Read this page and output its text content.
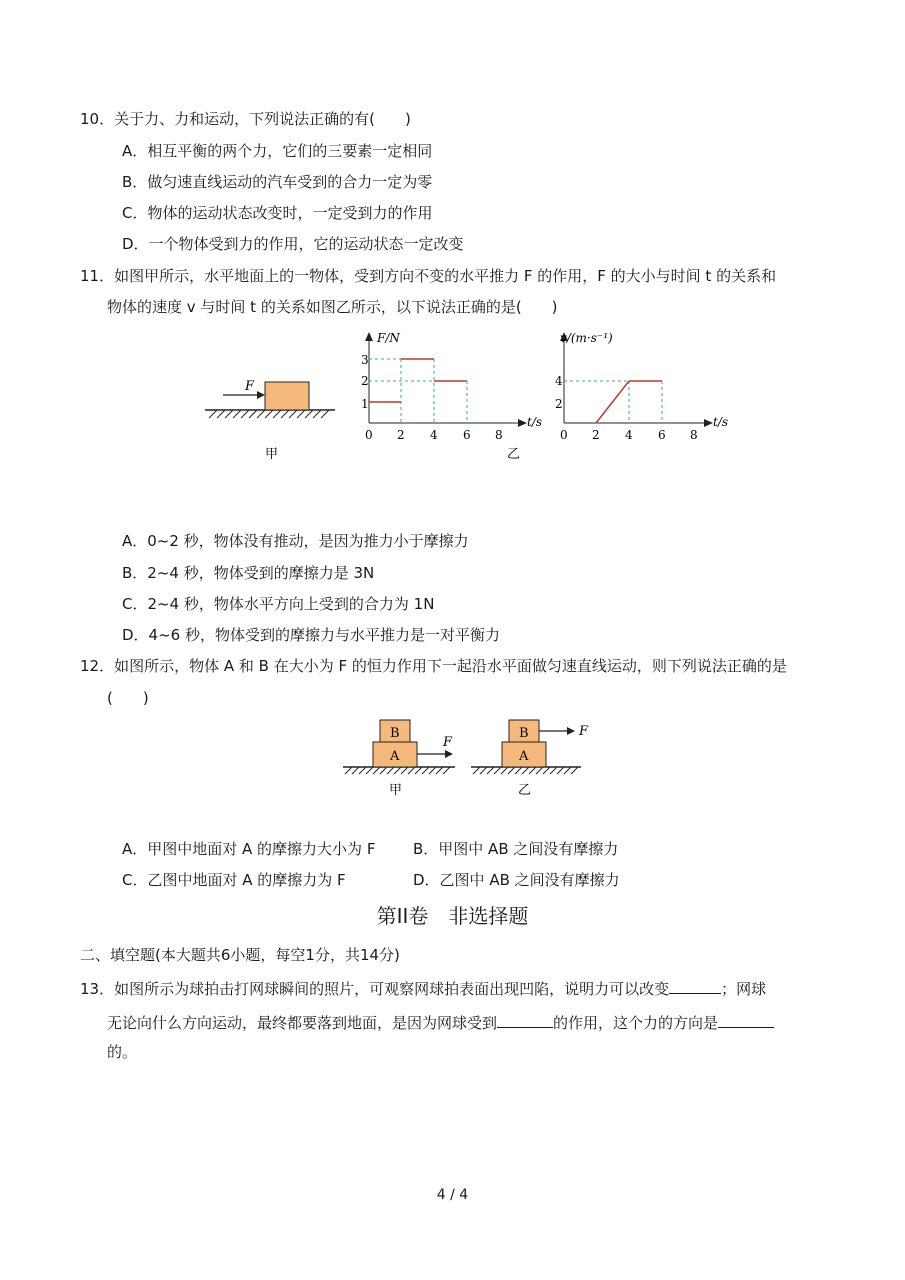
10．关于力、力和运动，下列说法正确的有(　　)
A．相互平衡的两个力，它们的三要素一定相同
B．做匀速直线运动的汽车受到的合力一定为零
C．物体的运动状态改变时，一定受到力的作用
D．一个物体受到力的作用，它的运动状态一定改变
11．如图甲所示，水平地面上的一物体，受到方向不变的水平推力 F 的作用，F 的大小与时间 t 的关系和
物体的速度 v 与时间 t 的关系如图乙所示，以下说法正确的是(　　)
F
甲
F/N
t/s
3
2
1
0 2 4 6 8
v/(m·s⁻¹)
t/s
4
2
0 2 4 6 8
乙
A．0~2 秒，物体没有推动，是因为推力小于摩擦力
B．2~4 秒，物体受到的摩擦力是 3N
C．2~4 秒，物体水平方向上受到的合力为 1N
D．4~6 秒，物体受到的摩擦力与水平推力是一对平衡力
12．如图所示，物体 A 和 B 在大小为 F 的恒力作用下一起沿水平面做匀速直线运动，则下列说法正确的是
(　　)
A
B
F
甲
A
B	F
乙
A．甲图中地面对 A 的摩擦力大小为 F	B．甲图中 AB 之间没有摩擦力
C．乙图中地面对 A 的摩擦力为 F	D．乙图中 AB 之间没有摩擦力
第II卷　非选择题
二、填空题(本大题共6小题，每空1分，共14分)
13．如图所示为球拍击打网球瞬间的照片，可观察网球拍表面出现凹陷，说明力可以改变	；网球
无论向什么方向运动，最终都要落到地面，是因为网球受到	的作用，这个力的方向是
的。
4 / 4
